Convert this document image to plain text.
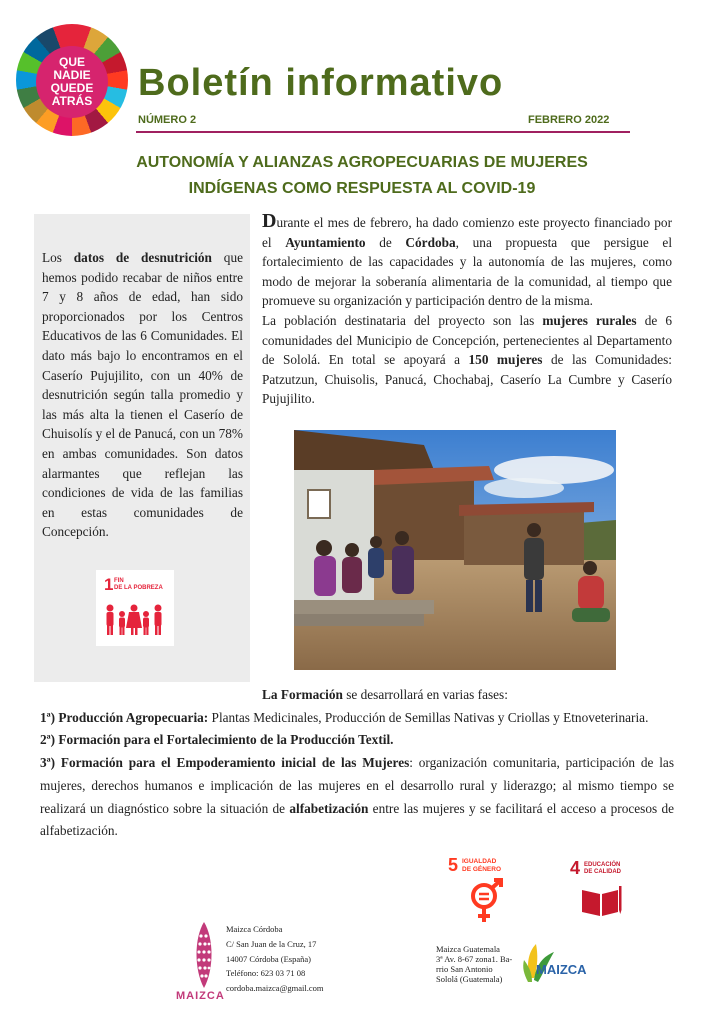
QUE
NADIE
QUEDE
ATRÁS Boletín informativo
NÚMERO 2	FEBRERO 2022
AUTONOMÍA Y ALIANZAS AGROPECUARIAS DE MUJERES
INDÍGENAS COMO RESPUESTA AL COVID-19
Los datos de desnutrición que hemos podido recabar de niños entre 7 y 8 años de edad, han sido proporcionados por los Centros Educativos de las 6 Comunidades. El dato más bajo lo encontramos en el Caserío Pujujilito, con un 40% de desnutrición según talla promedio y las más alta la tienen el Caserío de Chuisolís y el de Panucá, con un 78% en ambas comunidades. Son datos alarmantes que reflejan las condiciones de vida de las familias en estas comunidades de Concepción.
1 FIN
DE LA POBREZA

Durante el mes de febrero, ha dado comienzo este proyecto financiado por el Ayuntamiento de Córdoba, una propuesta que persigue el fortalecimiento de las capacidades y la autonomía de las mujeres, como modo de mejorar la soberanía alimentaria de la comunidad, al tiempo que promueve su organización y participación dentro de la misma.

La población destinataria del proyecto son las mujeres rurales de 6 comunidades del Municipio de Concepción, pertenecientes al Departamento de Sololá. En total se apoyará a 150 mujeres de las Comunidades: Patzutzun, Chuisolis, Panucá, Chochabaj, Caserío La Cumbre y Caserío Pujujilito.

La Formación se desarrollará en varias fases:

1ª) Producción Agropecuaria: Plantas Medicinales, Producción de Semillas Nativas y Criollas y Etnoveterinaria.

2ª) Formación para el Fortalecimiento de la Producción Textil.

3ª) Formación para el Empoderamiento inicial de las Mujeres: organización comunitaria, participación de las mujeres, derechos humanos e implicación de las mujeres en el desarrollo rural y liderazgo; al mismo tiempo se realizará un diagnóstico sobre la situación de alfabetización entre las mujeres y se facilitará el acceso a procesos de alfabetización.

5 IGUALDAD
DE GÉNERO	4 EDUCACIÓN
DE CALIDAD
MAIZCA
Maizca Córdoba
C/ San Juan de la Cruz, 17
14007 Córdoba (España)
Teléfono: 623 03 71 08
cordoba.maizca@gmail.com
Maizca Guatemala
3ª Av. 8-67 zona1. Ba-
rrio San Antonio
Sololá (Guatemala)
MAIZCA
